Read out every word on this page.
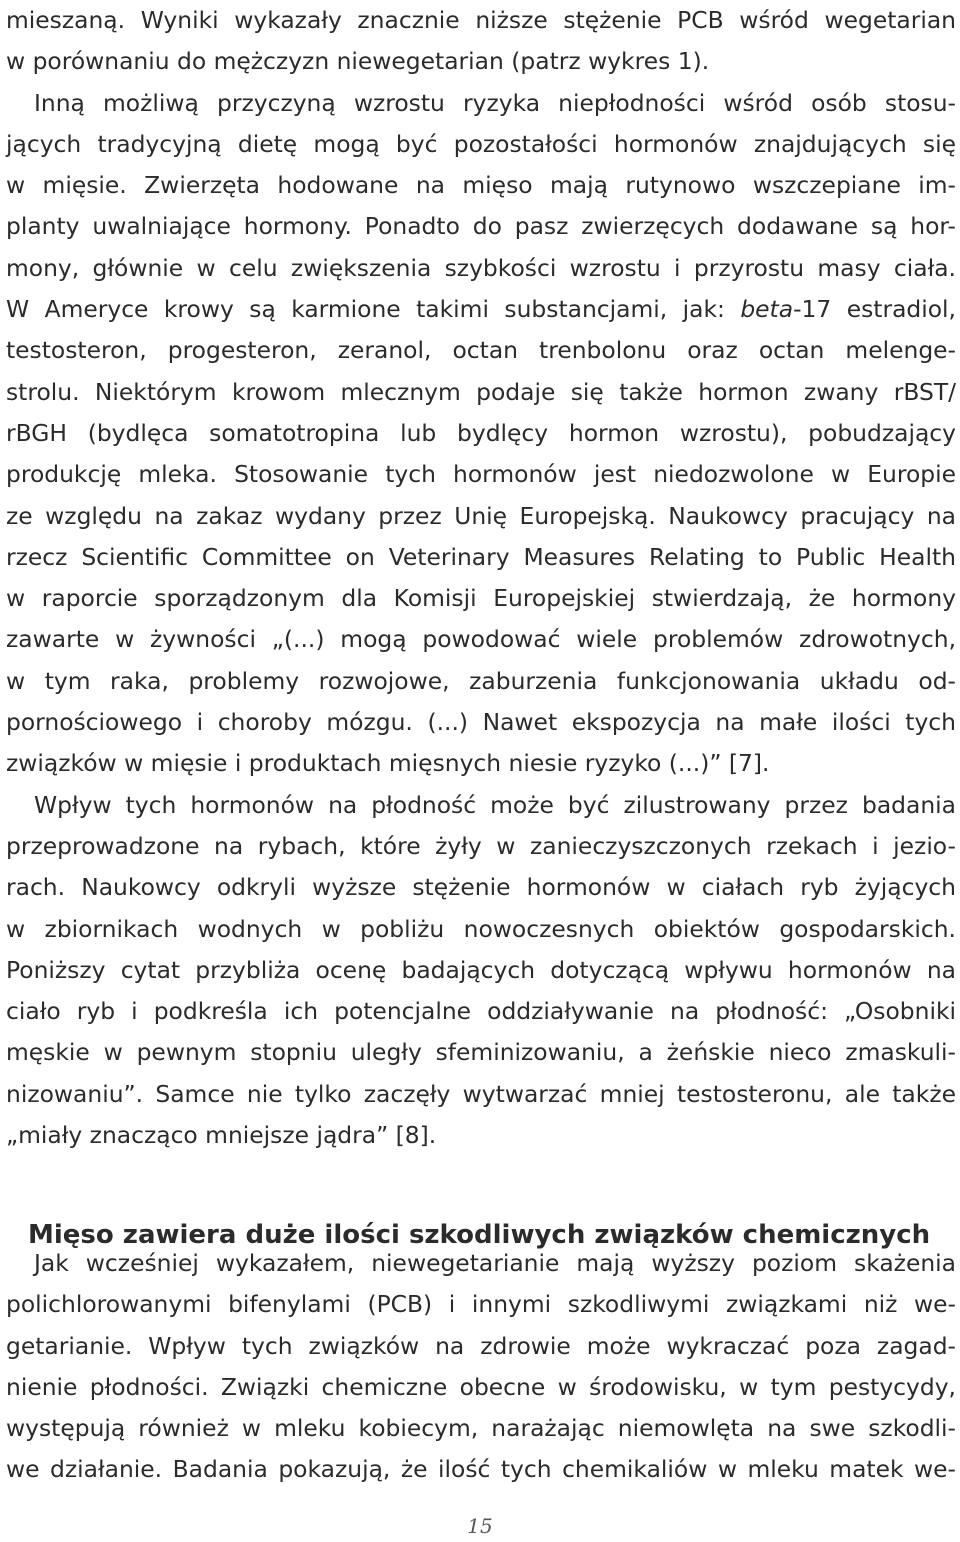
mieszaną. Wyniki wykazały znacznie niższe stężenie PCB wśród wegetarian
w porównaniu do mężczyzn niewegetarian (patrz wykres 1).
Inną możliwą przyczyną wzrostu ryzyka niepłodności wśród osób stosu-
jących tradycyjną dietę mogą być pozostałości hormonów znajdujących się
w mięsie. Zwierzęta hodowane na mięso mają rutynowo wszczepiane im-
planty uwalniające hormony. Ponadto do pasz zwierzęcych dodawane są hor-
mony, głównie w celu zwiększenia szybkości wzrostu i przyrostu masy ciała.
W Ameryce krowy są karmione takimi substancjami, jak: beta-17 estradiol,
testosteron, progesteron, zeranol, octan trenbolonu oraz octan melenge-
strolu. Niektórym krowom mlecznym podaje się także hormon zwany rBST/
rBGH (bydlęca somatotropina lub bydlęcy hormon wzrostu), pobudzający
produkcję mleka. Stosowanie tych hormonów jest niedozwolone w Europie
ze względu na zakaz wydany przez Unię Europejską. Naukowcy pracujący na
rzecz Scientific Committee on Veterinary Measures Relating to Public Health
w raporcie sporządzonym dla Komisji Europejskiej stwierdzają, że hormony
zawarte w żywności „(...) mogą powodować wiele problemów zdrowotnych,
w tym raka, problemy rozwojowe, zaburzenia funkcjonowania układu od-
pornościowego i choroby mózgu. (...) Nawet ekspozycja na małe ilości tych
związków w mięsie i produktach mięsnych niesie ryzyko (...)” [7].
Wpływ tych hormonów na płodność może być zilustrowany przez badania
przeprowadzone na rybach, które żyły w zanieczyszczonych rzekach i jezio-
rach. Naukowcy odkryli wyższe stężenie hormonów w ciałach ryb żyjących
w zbiornikach wodnych w pobliżu nowoczesnych obiektów gospodarskich.
Poniższy cytat przybliża ocenę badających dotyczącą wpływu hormonów na
ciało ryb i podkreśla ich potencjalne oddziaływanie na płodność: „Osobniki
męskie w pewnym stopniu uległy sfeminizowaniu, a żeńskie nieco zmaskuli-
nizowaniu”. Samce nie tylko zaczęły wytwarzać mniej testosteronu, ale także
„miały znacząco mniejsze jądra” [8].
Mięso zawiera duże ilości szkodliwych związków chemicznych
Jak wcześniej wykazałem, niewegetarianie mają wyższy poziom skażenia
polichlorowanymi bifenylami (PCB) i innymi szkodliwymi związkami niż we-
getarianie. Wpływ tych związków na zdrowie może wykraczać poza zagad-
nienie płodności. Związki chemiczne obecne w środowisku, w tym pestycydy,
występują również w mleku kobiecym, narażając niemowlęta na swe szkodli-
we działanie. Badania pokazują, że ilość tych chemikaliów w mleku matek we-
15
